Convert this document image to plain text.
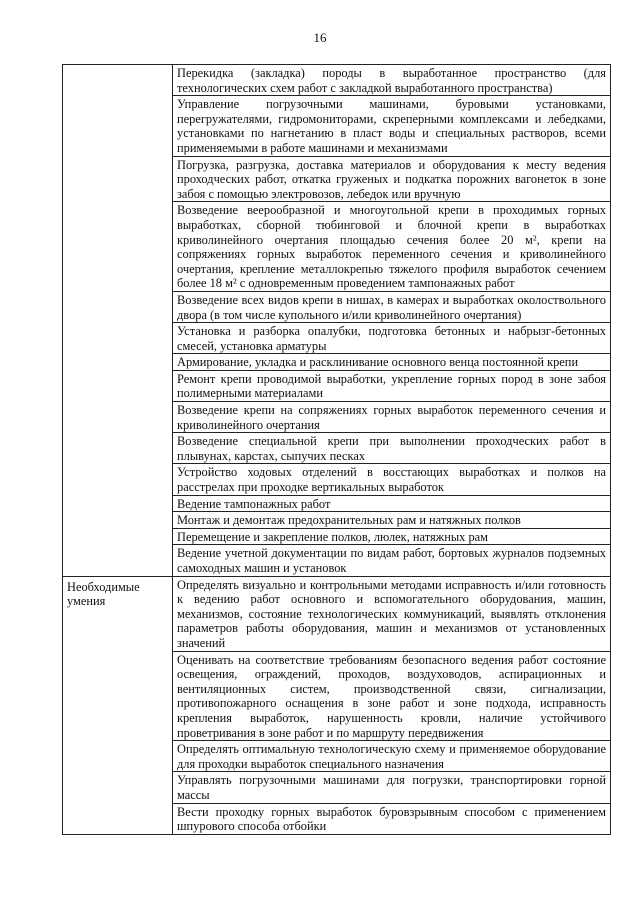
16
	Перекидка (закладка) породы в выработанное пространство (для технологических схем работ с закладкой выработанного пространства)
	Управление погрузочными машинами, буровыми установками, перегружателями, гидромониторами, скреперными комплексами и лебедками, установками по нагнетанию в пласт воды и специальных растворов, всеми применяемыми в работе машинами и механизмами
	Погрузка, разгрузка, доставка материалов и оборудования к месту ведения проходческих работ, откатка груженых и подкатка порожних вагонеток в зоне забоя с помощью электровозов, лебедок или вручную
	Возведение веерообразной и многоугольной крепи в проходимых горных выработках, сборной тюбинговой и блочной крепи в выработках криволинейного очертания площадью сечения более 20 м², крепи на сопряжениях горных выработок переменного сечения и криволинейного очертания, крепление металлокрепью тяжелого профиля выработок сечением более 18 м² с одновременным проведением тампонажных работ
	Возведение всех видов крепи в нишах, в камерах и выработках околоствольного двора (в том числе купольного и/или криволинейного очертания)
	Установка и разборка опалубки, подготовка бетонных и набрызг-бетонных смесей, установка арматуры
	Армирование, укладка и расклинивание основного венца постоянной крепи
	Ремонт крепи проводимой выработки, укрепление горных пород в зоне забоя полимерными материалами
	Возведение крепи на сопряжениях горных выработок переменного сечения и криволинейного очертания
	Возведение специальной крепи при выполнении проходческих работ в плывунах, карстах, сыпучих песках
	Устройство ходовых отделений в восстающих выработках и полков на расстрелах при проходке вертикальных выработок
	Ведение тампонажных работ
	Монтаж и демонтаж предохранительных рам и натяжных полков
	Перемещение и закрепление полков, люлек, натяжных рам
	Ведение учетной документации по видам работ, бортовых журналов подземных самоходных машин и установок
Необходимые умения	Определять визуально и контрольными методами исправность и/или готовность к ведению работ основного и вспомогательного оборудования, машин, механизмов, состояние технологических коммуникаций, выявлять отклонения параметров работы оборудования, машин и механизмов от установленных значений
	Оценивать на соответствие требованиям безопасного ведения работ состояние освещения, ограждений, проходов, воздуховодов, аспирационных и вентиляционных систем, производственной связи, сигнализации, противопожарного оснащения в зоне работ и зоне подхода, исправность крепления выработок, нарушенность кровли, наличие устойчивого проветривания в зоне работ и по маршруту передвижения
	Определять оптимальную технологическую схему и применяемое оборудование для проходки выработок специального назначения
	Управлять погрузочными машинами для погрузки, транспортировки горной массы
	Вести проходку горных выработок буровзрывным способом с применением шпурового способа отбойки
